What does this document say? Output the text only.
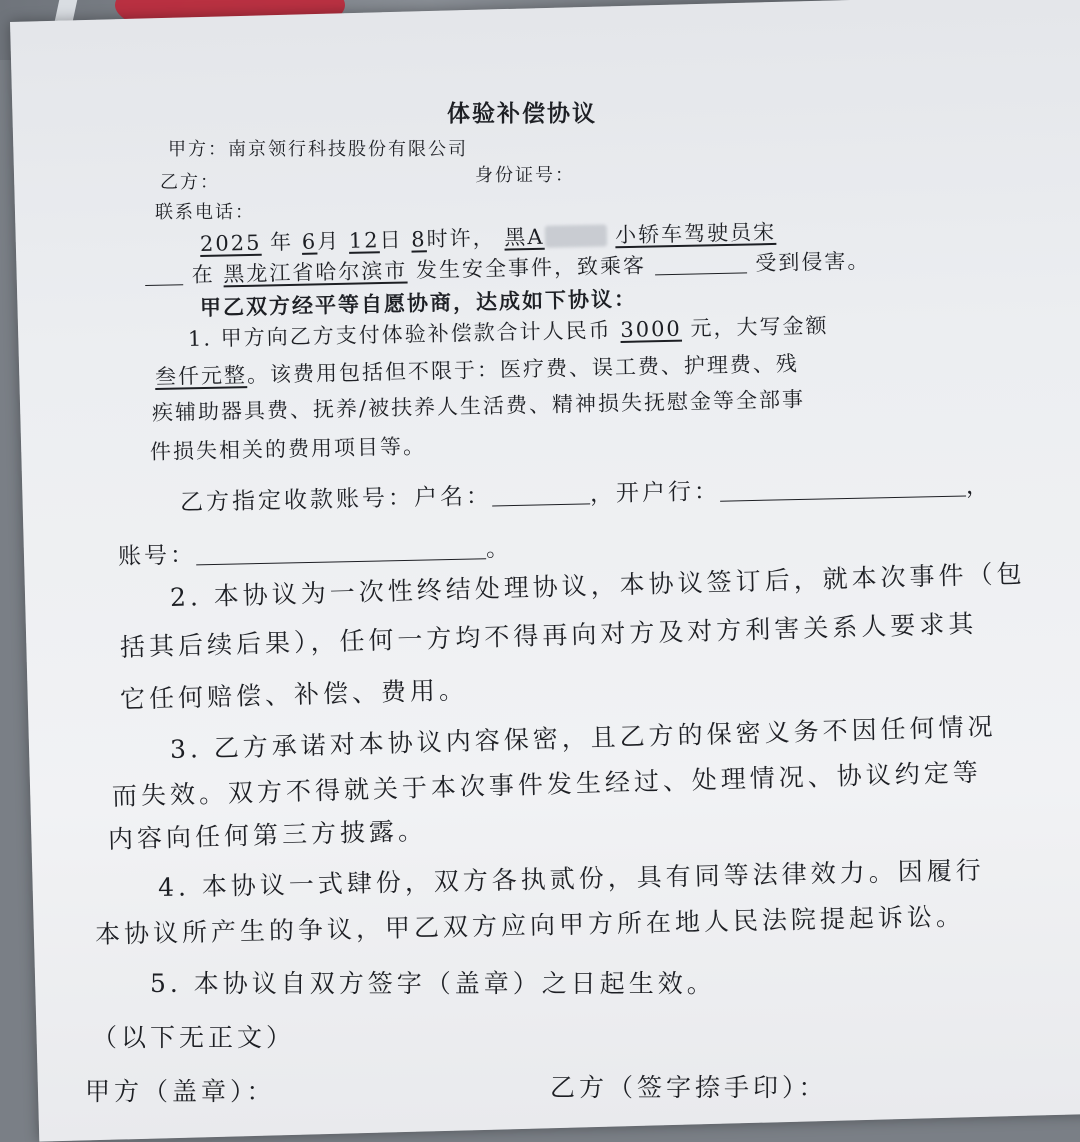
体验补偿协议
甲方：南京领行科技股份有限公司
乙方：	身份证号：
联系电话：
2025 年 6月 12日 8时许， 黑A	小轿车驾驶员宋
在 黑龙江省哈尔滨市 发生安全事件，致乘客	受到侵害。
甲乙双方经平等自愿协商，达成如下协议：
1. 甲方向乙方支付体验补偿款合计人民币 3000 元，大写金额
叁仟元整。该费用包括但不限于：医疗费、误工费、护理费、残
疾辅助器具费、抚养/被扶养人生活费、精神损失抚慰金等全部事
件损失相关的费用项目等。
乙方指定收款账号：户名：	，开户行：	，
账号：	。
2. 本协议为一次性终结处理协议，本协议签订后，就本次事件（包
括其后续后果），任何一方均不得再向对方及对方利害关系人要求其
它任何赔偿、补偿、费用。
3. 乙方承诺对本协议内容保密，且乙方的保密义务不因任何情况
而失效。双方不得就关于本次事件发生经过、处理情况、协议约定等
内容向任何第三方披露。
4. 本协议一式肆份，双方各执贰份，具有同等法律效力。因履行
本协议所产生的争议，甲乙双方应向甲方所在地人民法院提起诉讼。
5. 本协议自双方签字（盖章）之日起生效。
（以下无正文）
甲方（盖章）：	乙方（签字捺手印）：
